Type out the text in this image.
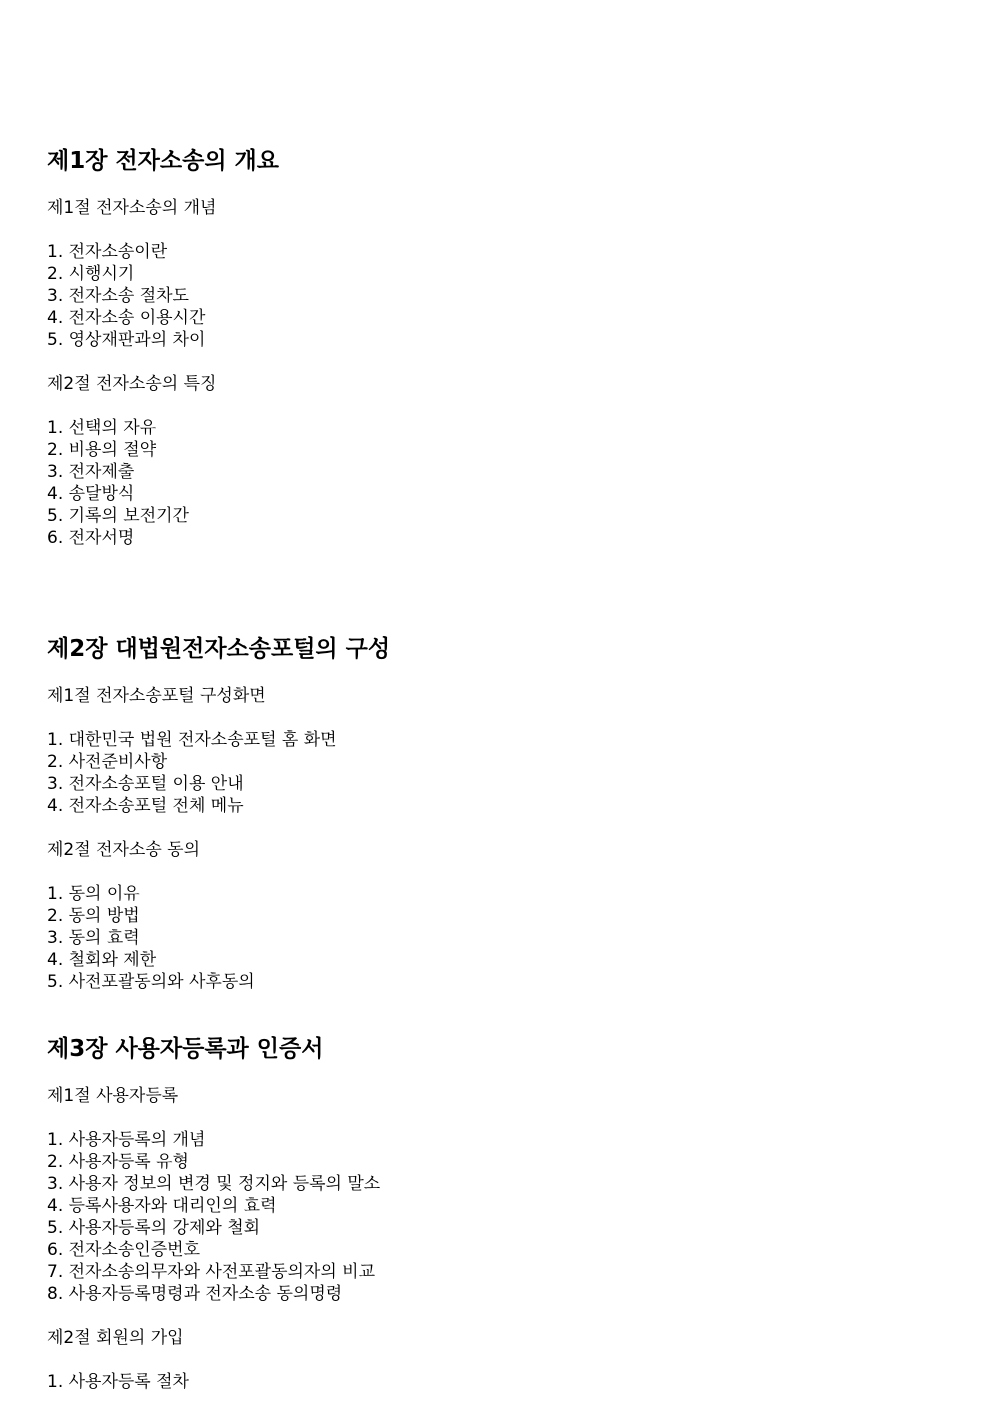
제1장 전자소송의 개요
제1절 전자소송의 개념
1. 전자소송이란
2. 시행시기
3. 전자소송 절차도
4. 전자소송 이용시간
5. 영상재판과의 차이
제2절 전자소송의 특징
1. 선택의 자유
2. 비용의 절약
3. 전자제출
4. 송달방식
5. 기록의 보전기간
6. 전자서명
제2장 대법원전자소송포털의 구성
제1절 전자소송포털 구성화면
1. 대한민국 법원 전자소송포털 홈 화면
2. 사전준비사항
3. 전자소송포털 이용 안내
4. 전자소송포털 전체 메뉴
제2절 전자소송 동의
1. 동의 이유
2. 동의 방법
3. 동의 효력
4. 철회와 제한
5. 사전포괄동의와 사후동의
제3장 사용자등록과 인증서
제1절 사용자등록
1. 사용자등록의 개념
2. 사용자등록 유형
3. 사용자 정보의 변경 및 정지와 등록의 말소
4. 등록사용자와 대리인의 효력
5. 사용자등록의 강제와 철회
6. 전자소송인증번호
7. 전자소송의무자와 사전포괄동의자의 비교
8. 사용자등록명령과 전자소송 동의명령
제2절 회원의 가입
1. 사용자등록 절차
